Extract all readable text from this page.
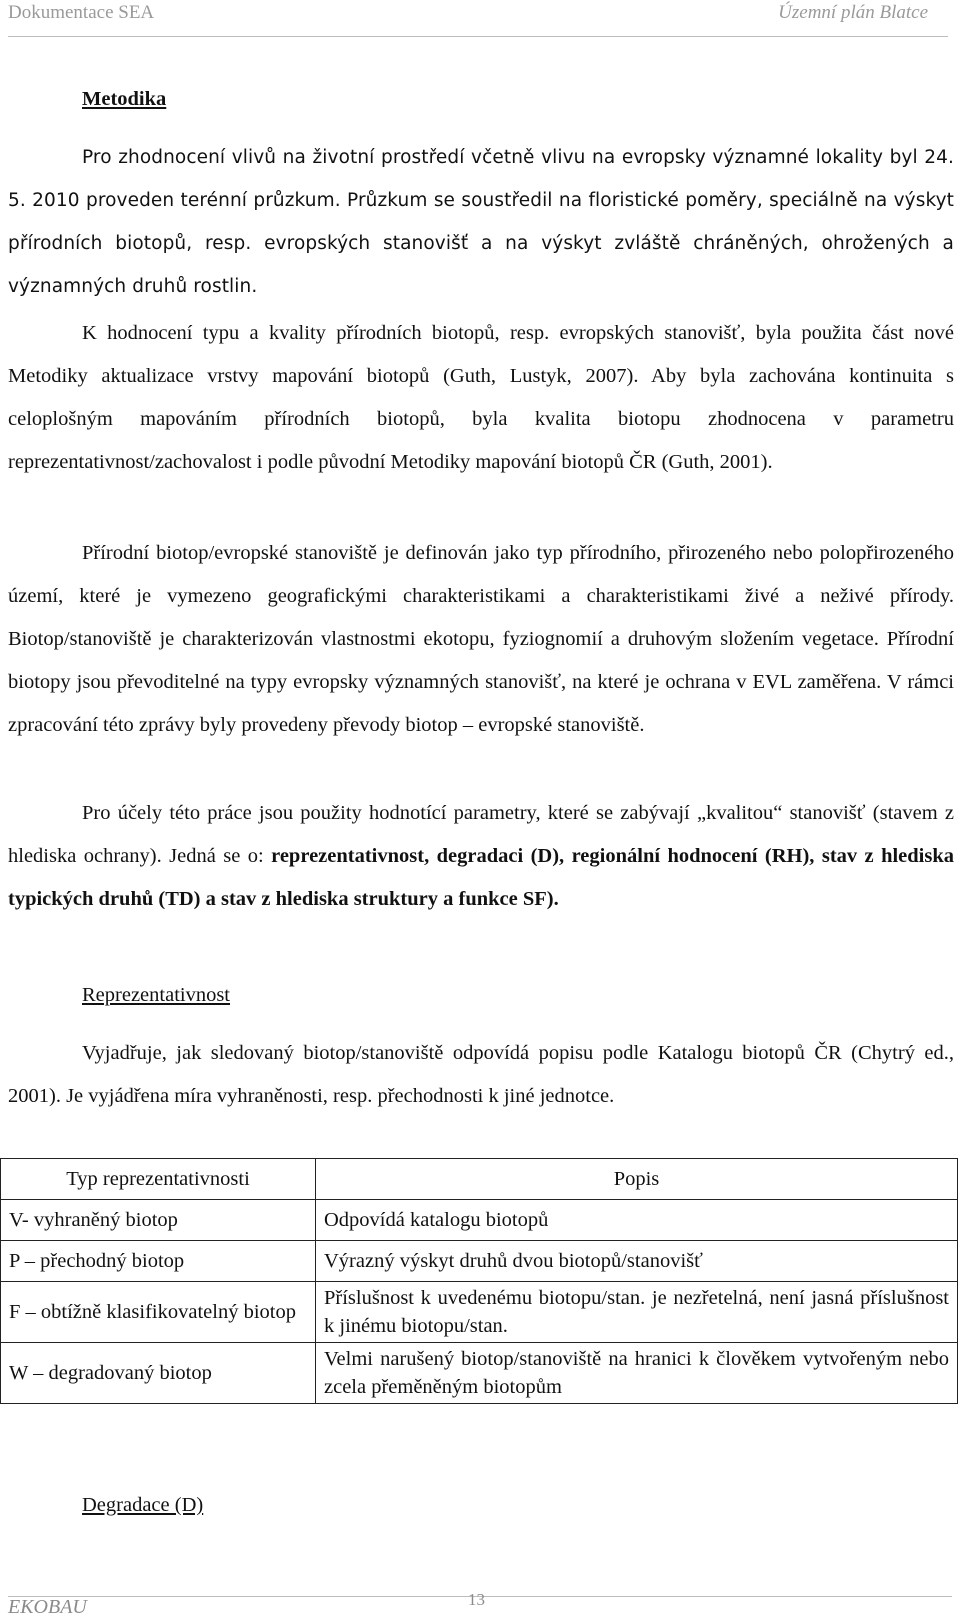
Dokumentace SEA	Územní plán Blatce
Metodika
Pro zhodnocení vlivů na životní prostředí včetně vlivu na evropsky významné lokality byl 24. 5. 2010 proveden terénní průzkum. Průzkum se soustředil na floristické poměry, speciálně na výskyt přírodních biotopů, resp. evropských stanovišť a na výskyt zvláště chráněných, ohrožených a významných druhů rostlin.
K hodnocení typu a kvality přírodních biotopů, resp. evropských stanovišť, byla použita část nové Metodiky aktualizace vrstvy mapování biotopů (Guth, Lustyk, 2007). Aby byla zachována kontinuita s celoplošným mapováním přírodních biotopů, byla kvalita biotopu zhodnocena v parametru reprezentativnost/zachovalost i podle původní Metodiky mapování biotopů ČR (Guth, 2001).
Přírodní biotop/evropské stanoviště je definován jako typ přírodního, přirozeného nebo polopřirozeného území, které je vymezeno geografickými charakteristikami a charakteristikami živé a neživé přírody. Biotop/stanoviště je charakterizován vlastnostmi ekotopu, fyziognomií a druhovým složením vegetace. Přírodní biotopy jsou převoditelné na typy evropsky významných stanovišť, na které je ochrana v EVL zaměřena. V rámci zpracování této zprávy byly provedeny převody biotop – evropské stanoviště.
Pro účely této práce jsou použity hodnotící parametry, které se zabývají „kvalitou“ stanovišť (stavem z hlediska ochrany). Jedná se o: reprezentativnost, degradaci (D), regionální hodnocení (RH), stav z hlediska typických druhů (TD) a stav z hlediska struktury a funkce SF).
Reprezentativnost
Vyjadřuje, jak sledovaný biotop/stanoviště odpovídá popisu podle Katalogu biotopů ČR (Chytrý ed., 2001). Je vyjádřena míra vyhraněnosti, resp. přechodnosti k jiné jednotce.
Typ reprezentativnosti	Popis
V- vyhraněný biotop	Odpovídá katalogu biotopů
P – přechodný biotop	Výrazný výskyt druhů dvou biotopů/stanovišť
F – obtížně klasifikovatelný biotop	Příslušnost k uvedenému biotopu/stan. je nezřetelná, není jasná příslušnost k jinému biotopu/stan.
W – degradovaný biotop	Velmi narušený biotop/stanoviště na hranici k člověkem vytvořeným nebo zcela přeměněným biotopům
Degradace (D)
EKOBAU	13
